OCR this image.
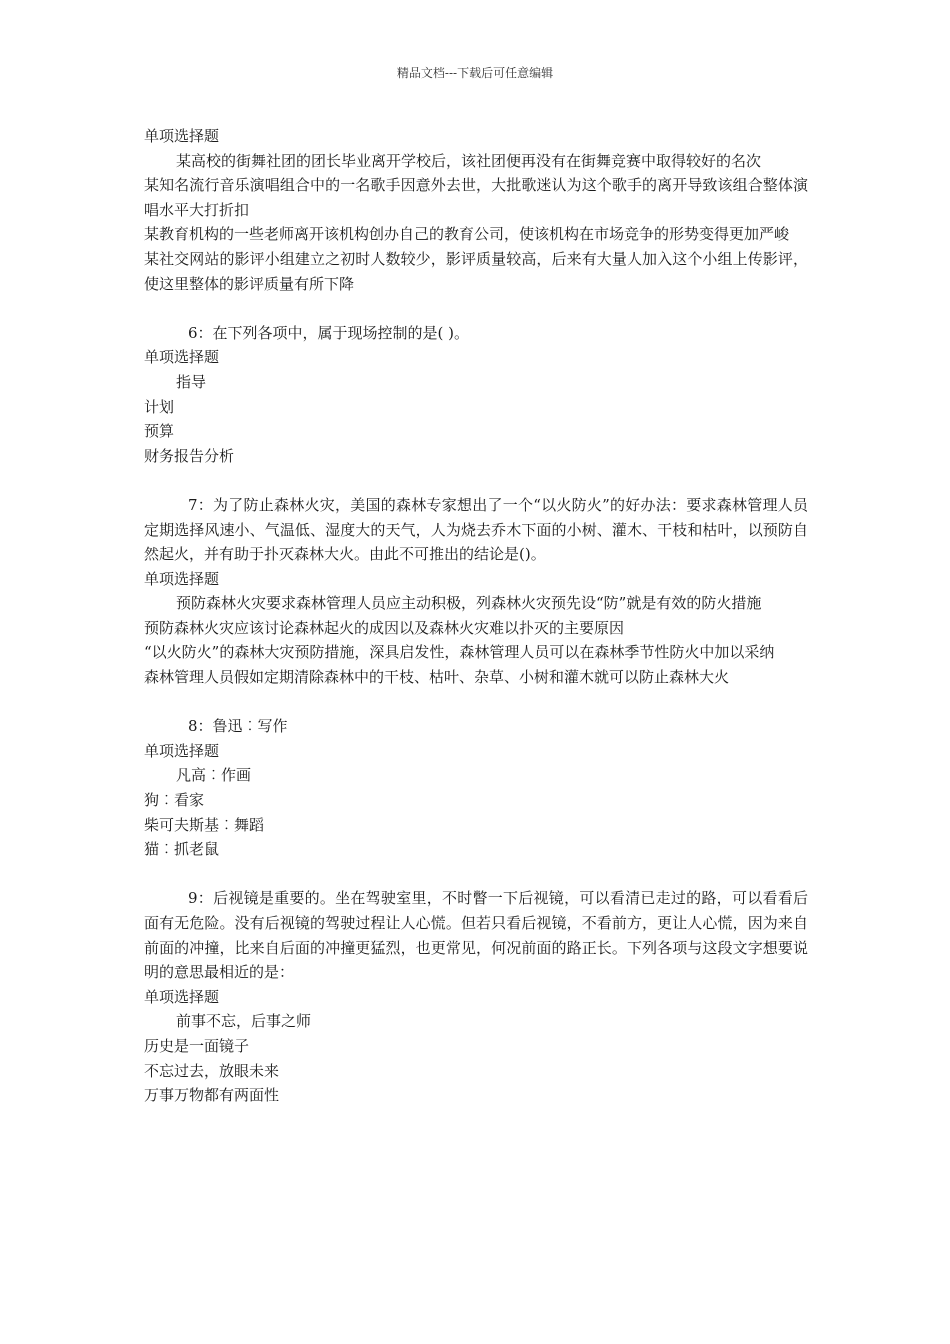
精品文档---下载后可任意编辑

单项选择题

某高校的街舞社团的团长毕业离开学校后，该社团便再没有在街舞竞赛中取得较好的名次

某知名流行音乐演唱组合中的一名歌手因意外去世，大批歌迷认为这个歌手的离开导致该组合整体演唱水平大打折扣

某教育机构的一些老师离开该机构创办自己的教育公司，使该机构在市场竞争的形势变得更加严峻

某社交网站的影评小组建立之初时人数较少，影评质量较高，后来有大量人加入这个小组上传影评，使这里整体的影评质量有所下降

6：在下列各项中，属于现场控制的是( )。

单项选择题

指导

计划

预算

财务报告分析

7：为了防止森林火灾，美国的森林专家想出了一个“以火防火”的好办法：要求森林管理人员定期选择风速小、气温低、湿度大的天气，人为烧去乔木下面的小树、灌木、干枝和枯叶，以预防自然起火，并有助于扑灭森林大火。由此不可推出的结论是()。

单项选择题

预防森林火灾要求森林管理人员应主动积极，列森林火灾预先设“防”就是有效的防火措施

预防森林火灾应该讨论森林起火的成因以及森林火灾难以扑灭的主要原因

“以火防火”的森林大灾预防措施，深具启发性，森林管理人员可以在森林季节性防火中加以采纳

森林管理人员假如定期清除森林中的干枝、枯叶、杂草、小树和灌木就可以防止森林大火

8：鲁迅︰写作

单项选择题

凡高︰作画

狗︰看家

柴可夫斯基︰舞蹈

猫︰抓老鼠

9：后视镜是重要的。坐在驾驶室里，不时瞥一下后视镜，可以看清已走过的路，可以看看后面有无危险。没有后视镜的驾驶过程让人心慌。但若只看后视镜，不看前方，更让人心慌，因为来自前面的冲撞，比来自后面的冲撞更猛烈，也更常见，何况前面的路正长。下列各项与这段文字想要说明的意思最相近的是：

单项选择题

前事不忘，后事之师

历史是一面镜子

不忘过去，放眼未来

万事万物都有两面性
